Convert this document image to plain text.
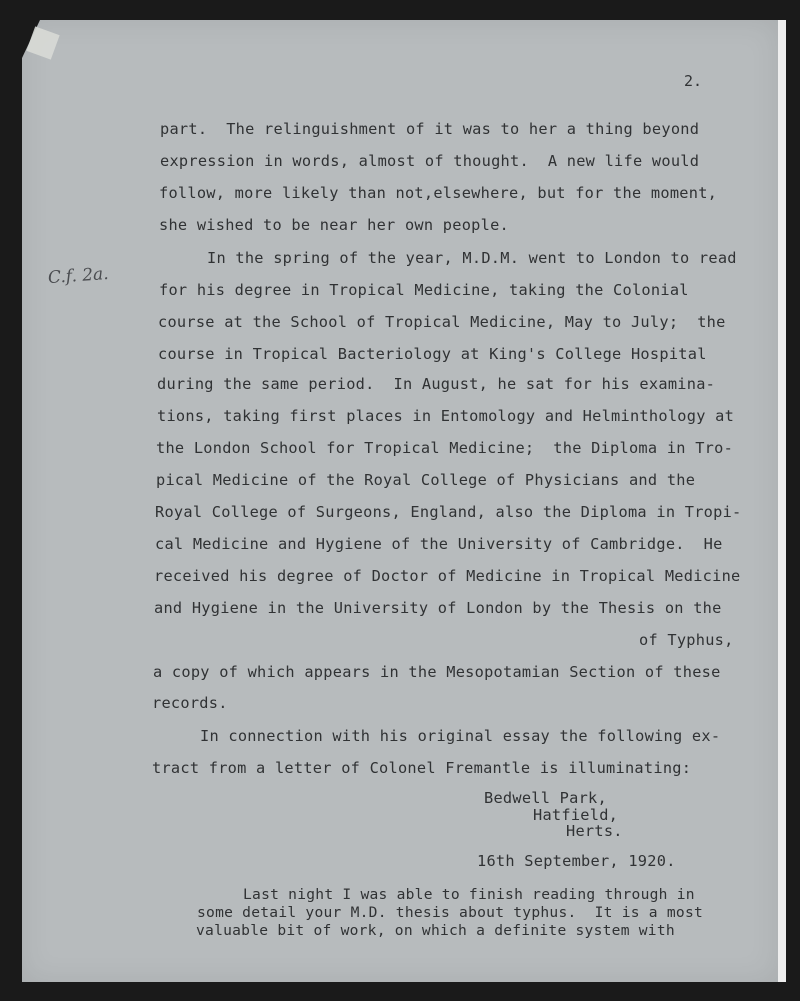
2.
C.f. 2a.
part.  The relinguishment of it was to her a thing beyond
expression in words, almost of thought.  A new life would
follow, more likely than not,elsewhere, but for the moment,
she wished to be near her own people.
In the spring of the year, M.D.M. went to London to read
for his degree in Tropical Medicine, taking the Colonial
course at the School of Tropical Medicine, May to July;  the
course in Tropical Bacteriology at King's College Hospital
during the same period.  In August, he sat for his examina-
tions, taking first places in Entomology and Helminthology at
the London School for Tropical Medicine;  the Diploma in Tro-
pical Medicine of the Royal College of Physicians and the
Royal College of Surgeons, England, also the Diploma in Tropi-
cal Medicine and Hygiene of the University of Cambridge.  He
received his degree of Doctor of Medicine in Tropical Medicine
and Hygiene in the University of London by the Thesis on the
of Typhus,
a copy of which appears in the Mesopotamian Section of these
records.
In connection with his original essay the following ex-
tract from a letter of Colonel Fremantle is illuminating:
Bedwell Park,
Hatfield,
Herts.
16th September, 1920.
Last night I was able to finish reading through in
some detail your M.D. thesis about typhus.  It is a most
valuable bit of work, on which a definite system with
